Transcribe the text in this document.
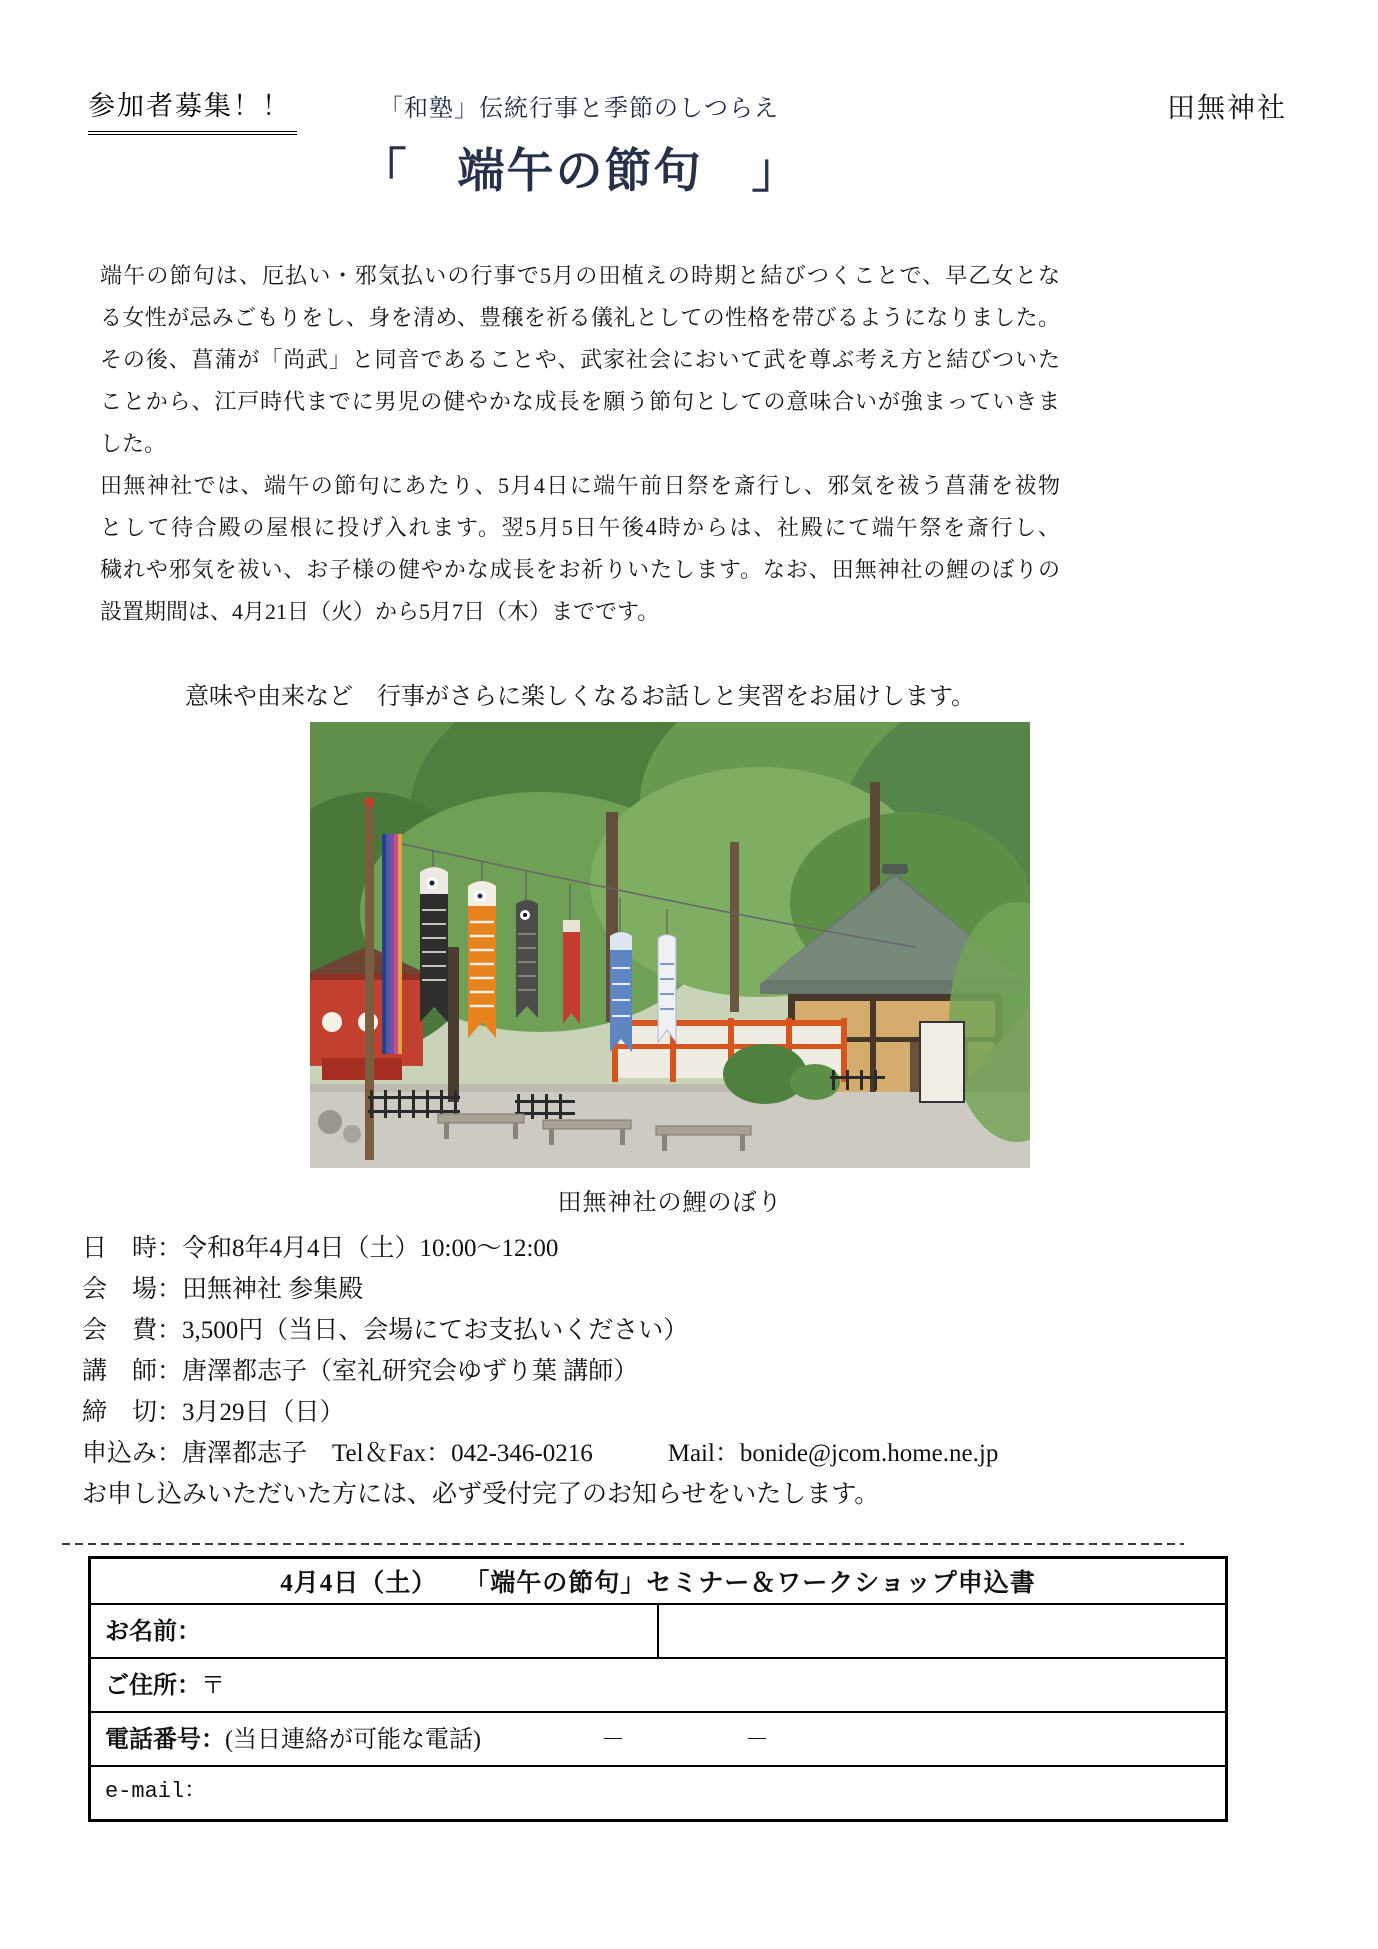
参加者募集！！	「和塾」伝統行事と季節のしつらえ	田無神社
「　端午の節句　」
端午の節句は、厄払い・邪気払いの行事で5月の田植えの時期と結びつくことで、早乙女とな
る女性が忌みごもりをし、身を清め、豊穣を祈る儀礼としての性格を帯びるようになりました。
その後、菖蒲が「尚武」と同音であることや、武家社会において武を尊ぶ考え方と結びついた
ことから、江戸時代までに男児の健やかな成長を願う節句としての意味合いが強まっていきま
した。
田無神社では、端午の節句にあたり、5月4日に端午前日祭を斎行し、邪気を祓う菖蒲を祓物
として待合殿の屋根に投げ入れます。翌5月5日午後4時からは、社殿にて端午祭を斎行し、
穢れや邪気を祓い、お子様の健やかな成長をお祈りいたします。なお、田無神社の鯉のぼりの
設置期間は、4月21日（火）から5月7日（木）までです。
意味や由来など　行事がさらに楽しくなるお話しと実習をお届けします。
田無神社の鯉のぼり
日　時：令和8年4月4日（土）10:00～12:00
会　場：田無神社 参集殿
会　費：3,500円（当日、会場にてお支払いください）
講　師：唐澤都志子（室礼研究会ゆずり葉 講師）
締　切：3月29日（日）
申込み：唐澤都志子　Tel＆Fax：042-346-0216　　　Mail：bonide@jcom.home.ne.jp
お申し込みいただいた方には、必ず受付完了のお知らせをいたします。
4月4日（土）　　「端午の節句」セミナー＆ワークショップ申込書
お名前：	
ご住所：〒
電話番号：(当日連絡が可能な電話)	－　　　　　－
e-mail：
